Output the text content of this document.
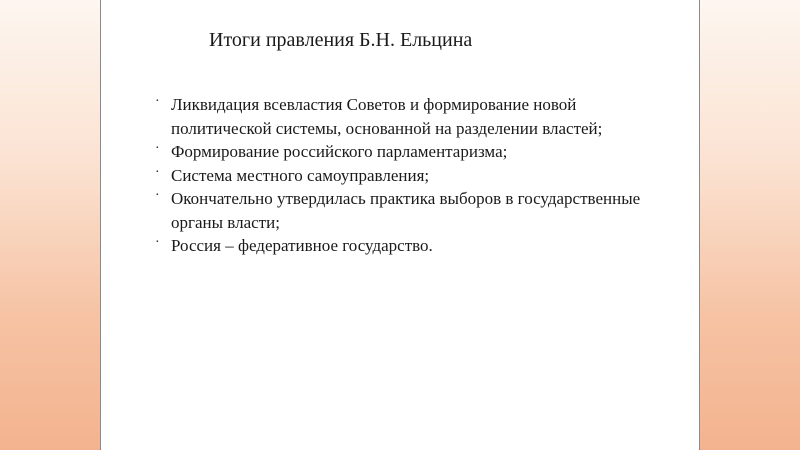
Итоги правления Б.Н. Ельцина
· Ликвидация всевластия Советов и формирование новой политической системы, основанной на разделении властей;
· Формирование российского парламентаризма;
· Система местного самоуправления;
· Окончательно утвердилась практика выборов в государственные органы власти;
· Россия – федеративное государство.
